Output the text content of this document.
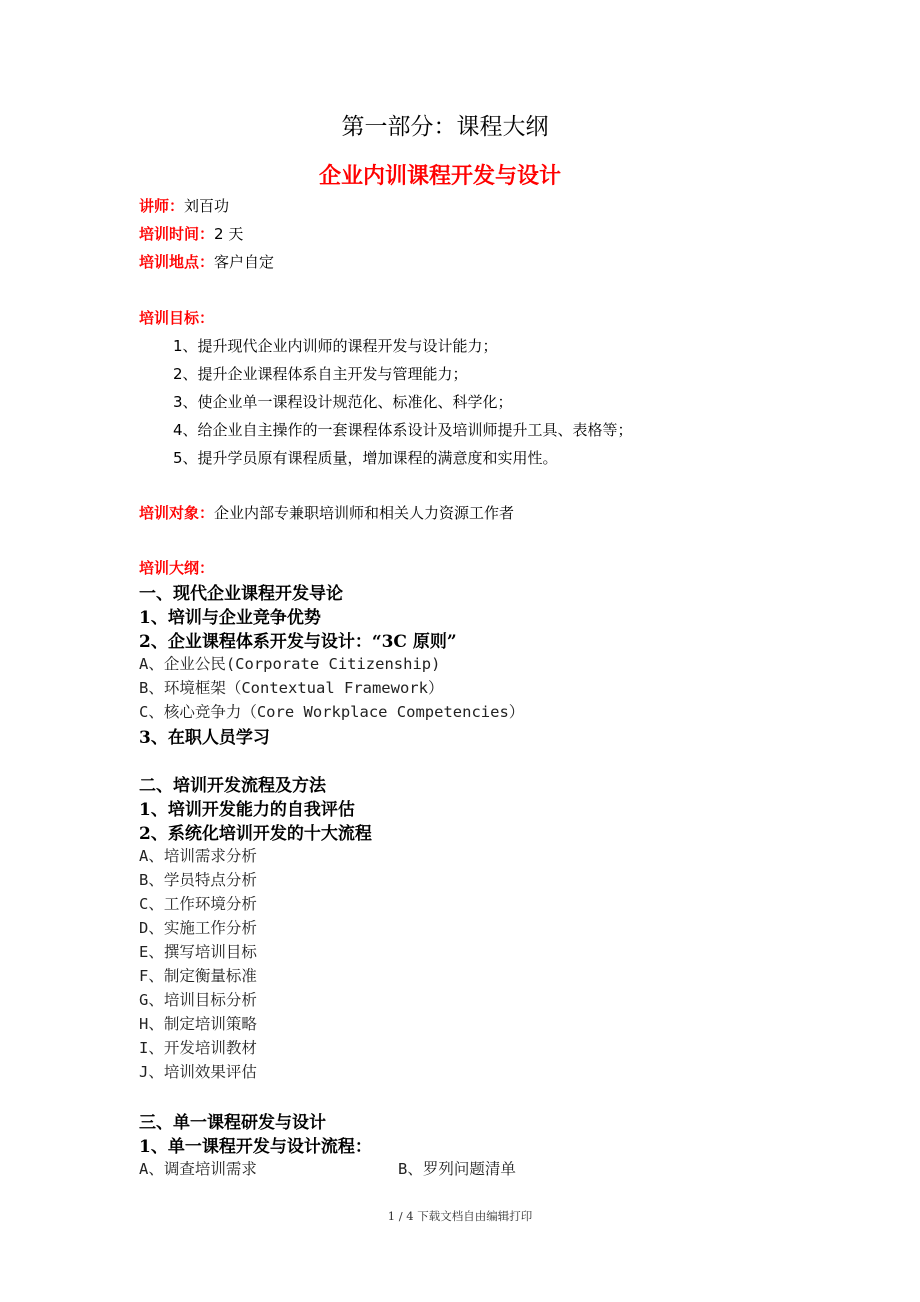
第一部分：课程大纲
企业内训课程开发与设计
讲师：刘百功
培训时间：2 天
培训地点：客户自定
培训目标：
1、提升现代企业内训师的课程开发与设计能力；
2、提升企业课程体系自主开发与管理能力；
3、使企业单一课程设计规范化、标准化、科学化；
4、给企业自主操作的一套课程体系设计及培训师提升工具、表格等；
5、提升学员原有课程质量，增加课程的满意度和实用性。
培训对象：企业内部专兼职培训师和相关人力资源工作者
培训大纲：
一、现代企业课程开发导论
1、培训与企业竞争优势
2、企业课程体系开发与设计：“3C 原则”
A、企业公民(Corporate Citizenship)
B、环境框架（Contextual Framework）
C、核心竞争力（Core Workplace Competencies）
3、在职人员学习
二、培训开发流程及方法
1、培训开发能力的自我评估
2、系统化培训开发的十大流程
A、培训需求分析
B、学员特点分析
C、工作环境分析
D、实施工作分析
E、撰写培训目标
F、制定衡量标准
G、培训目标分析
H、制定培训策略
I、开发培训教材
J、培训效果评估
三、单一课程研发与设计
1、单一课程开发与设计流程：
A、调查培训需求	B、罗列问题清单
1 / 4 下载文档自由编辑打印
